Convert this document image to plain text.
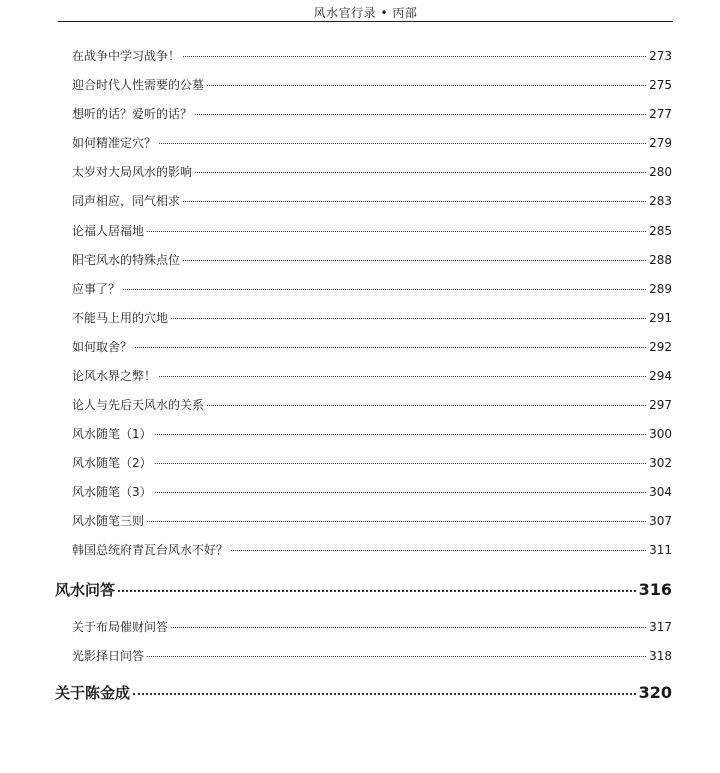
风水官行录 • 丙部
在战争中学习战争！	273
迎合时代人性需要的公墓	275
想听的话？爱听的话？	277
如何精准定穴？	279
太岁对大局风水的影响	280
同声相应，同气相求	283
论福人居福地	285
阳宅风水的特殊点位	288
应事了？	289
不能马上用的穴地	291
如何取舍？	292
论风水界之弊！	294
论人与先后天风水的关系	297
风水随笔（1）	300
风水随笔（2）	302
风水随笔（3）	304
风水随笔三则	307
韩国总统府青瓦台风水不好？	311
风水问答	316
关于布局催财问答	317
光影择日问答	318
关于陈金成	320
